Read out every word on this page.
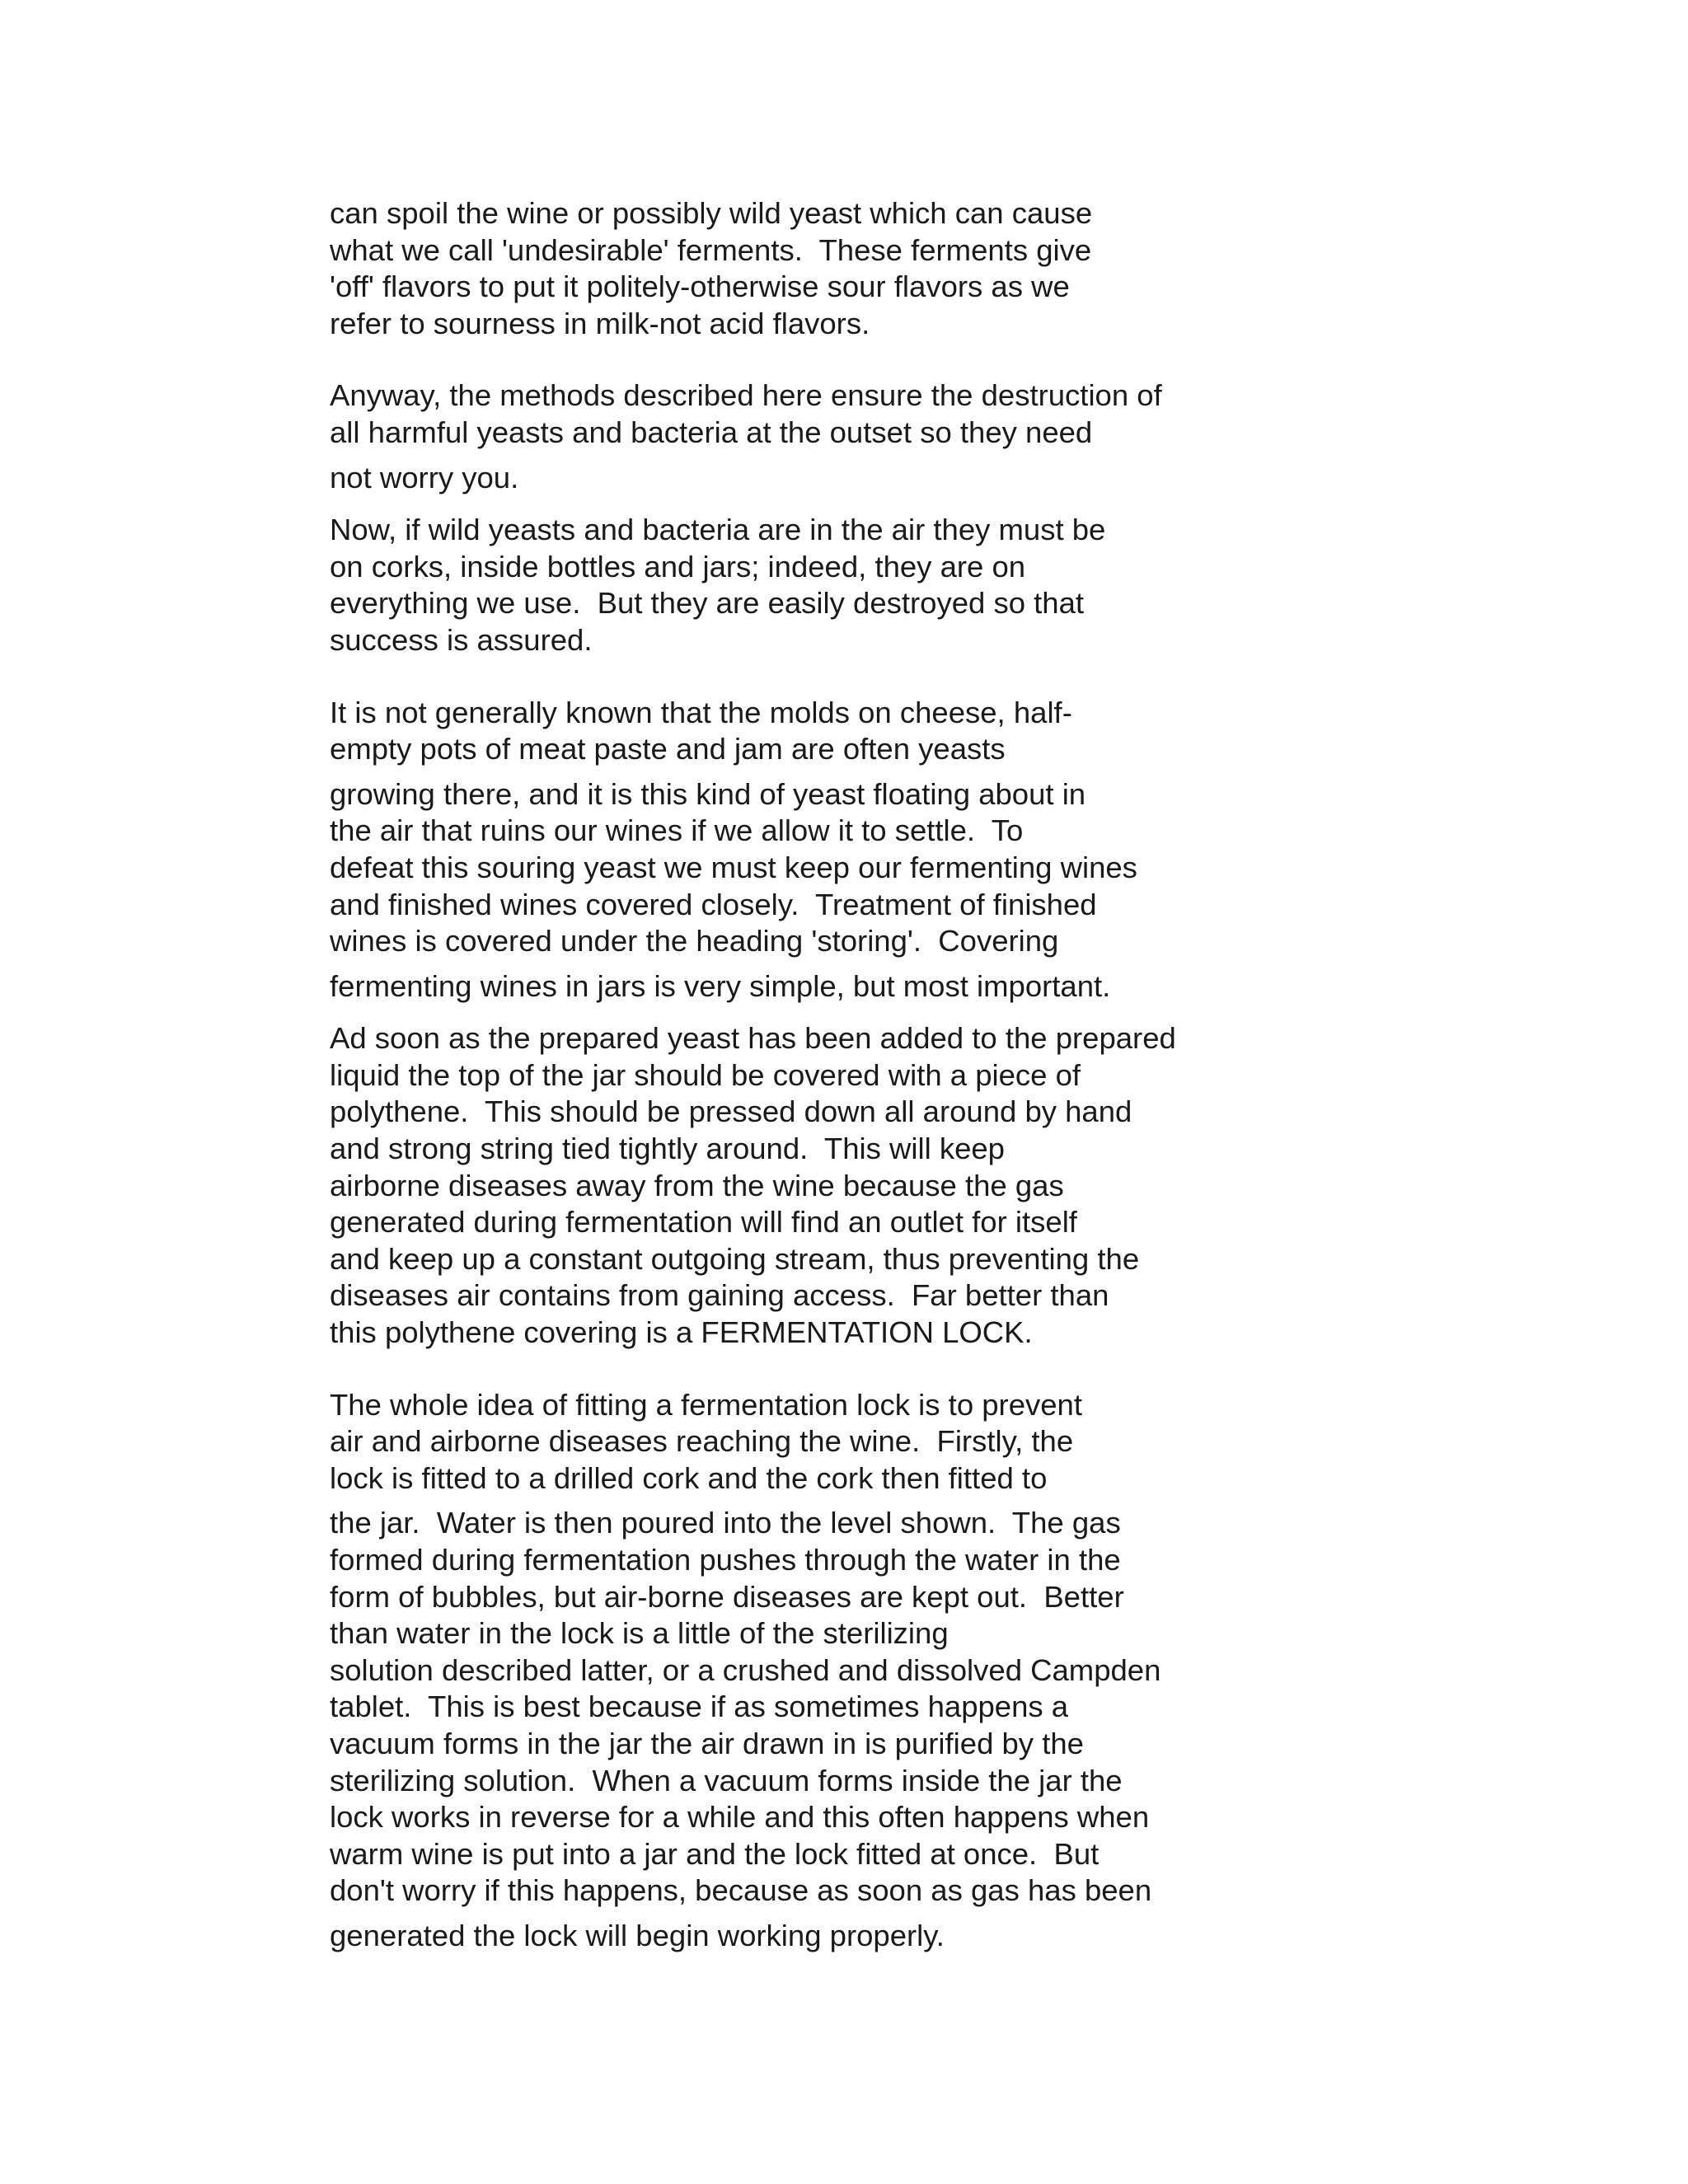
can spoil the wine or possibly wild yeast which can cause
what we call 'undesirable' ferments.  These ferments give
'off' flavors to put it politely-otherwise sour flavors as we
refer to sourness in milk-not acid flavors.
Anyway, the methods described here ensure the destruction of
all harmful yeasts and bacteria at the outset so they need
not worry you.
Now, if wild yeasts and bacteria are in the air they must be
on corks, inside bottles and jars; indeed, they are on
everything we use.  But they are easily destroyed so that
success is assured.
It is not generally known that the molds on cheese, half-
empty pots of meat paste and jam are often yeasts
growing there, and it is this kind of yeast floating about in
the air that ruins our wines if we allow it to settle.  To
defeat this souring yeast we must keep our fermenting wines
and finished wines covered closely.  Treatment of finished
wines is covered under the heading 'storing'.  Covering
fermenting wines in jars is very simple, but most important.
Ad soon as the prepared yeast has been added to the prepared
liquid the top of the jar should be covered with a piece of
polythene.  This should be pressed down all around by hand
and strong string tied tightly around.  This will keep
airborne diseases away from the wine because the gas
generated during fermentation will find an outlet for itself
and keep up a constant outgoing stream, thus preventing the
diseases air contains from gaining access.  Far better than
this polythene covering is a FERMENTATION LOCK.
The whole idea of fitting a fermentation lock is to prevent
air and airborne diseases reaching the wine.  Firstly, the
lock is fitted to a drilled cork and the cork then fitted to
the jar.  Water is then poured into the level shown.  The gas
formed during fermentation pushes through the water in the
form of bubbles, but air-borne diseases are kept out.  Better
than water in the lock is a little of the sterilizing
solution described latter, or a crushed and dissolved Campden
tablet.  This is best because if as sometimes happens a
vacuum forms in the jar the air drawn in is purified by the
sterilizing solution.  When a vacuum forms inside the jar the
lock works in reverse for a while and this often happens when
warm wine is put into a jar and the lock fitted at once.  But
don't worry if this happens, because as soon as gas has been
generated the lock will begin working properly.
